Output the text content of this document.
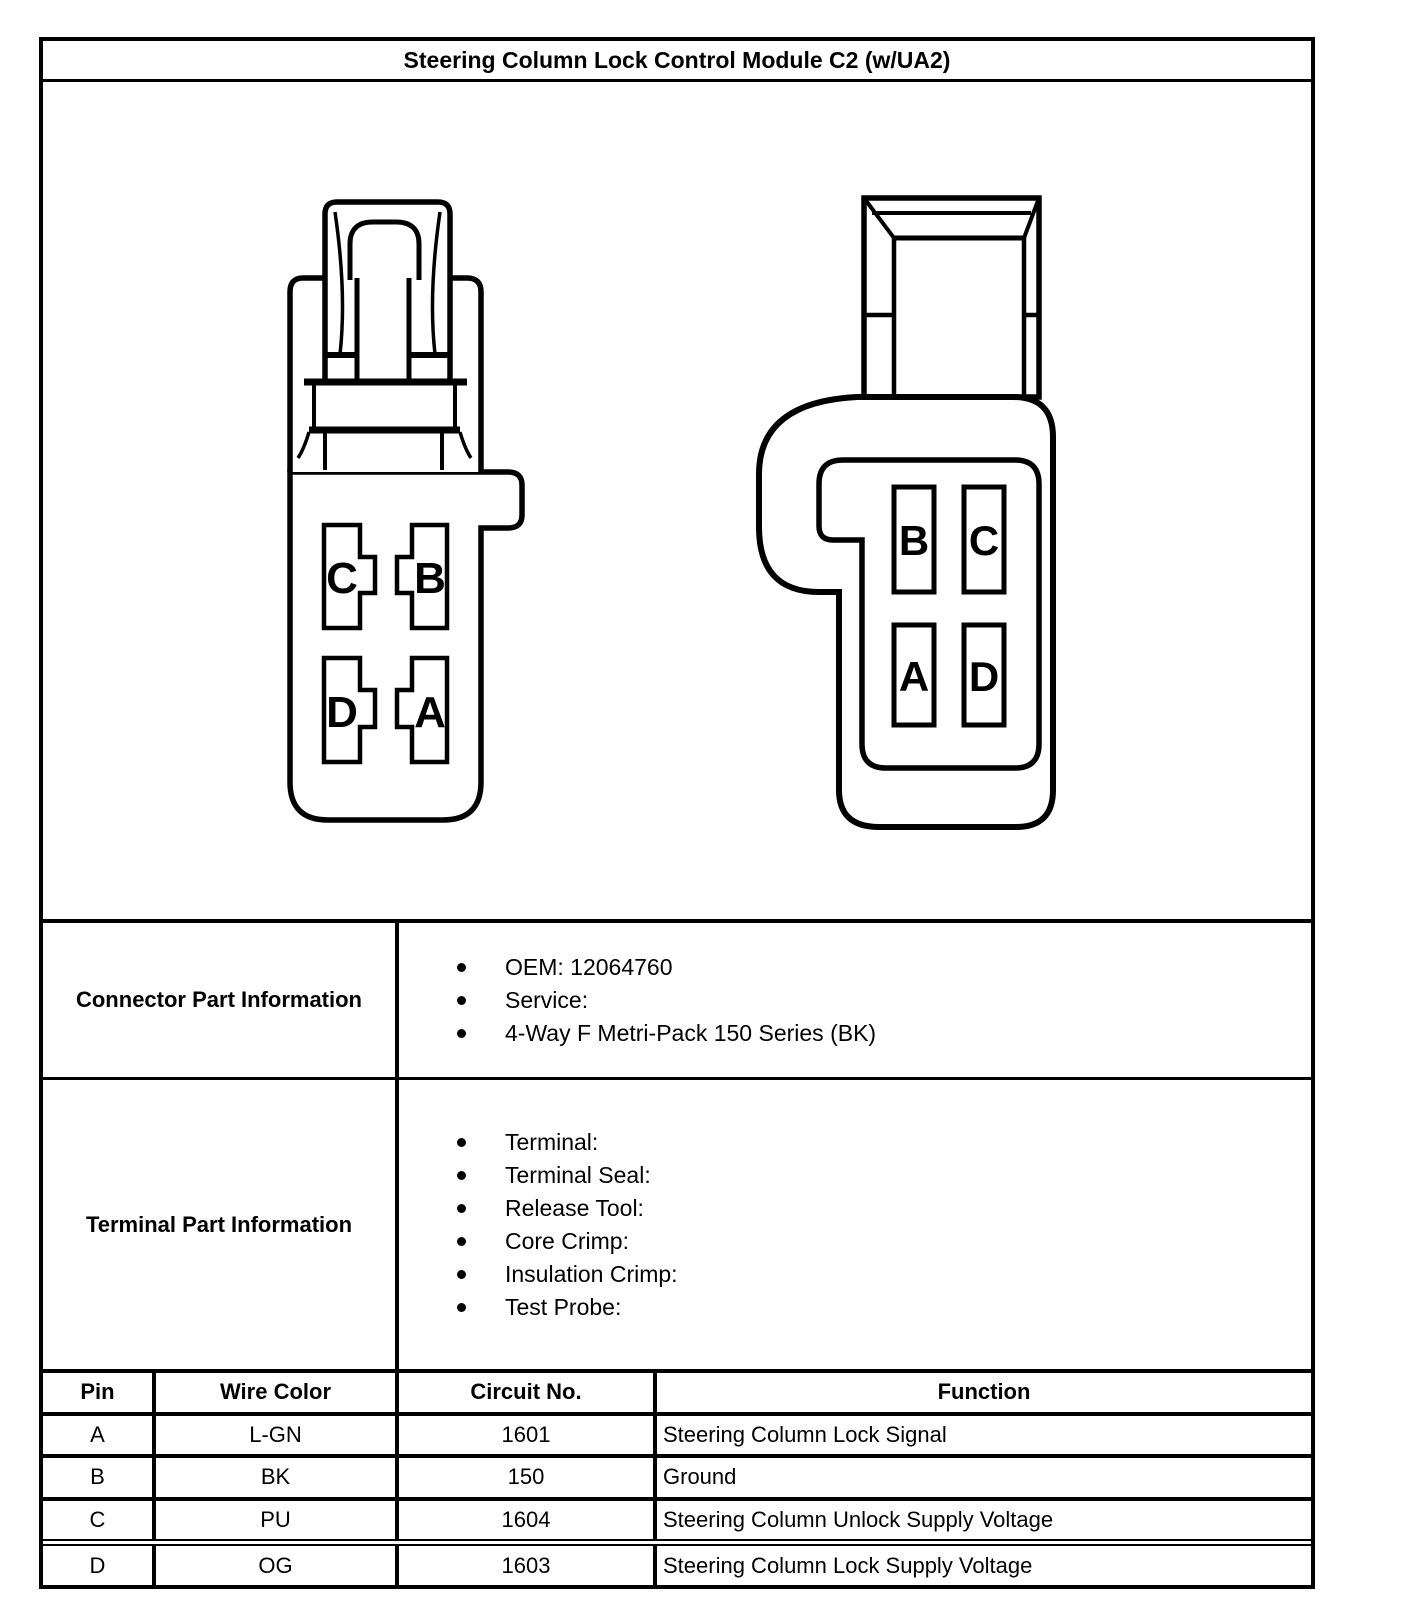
Steering Column Lock Control Module C2 (w/UA2)
C B
D A
B C
A D
Connector Part Information
OEM: 12064760
Service:
4-Way F Metri-Pack 150 Series (BK)
Terminal Part Information
Terminal:
Terminal Seal:
Release Tool:
Core Crimp:
Insulation Crimp:
Test Probe:
Pin	Wire Color	Circuit No.	Function
A	L-GN	1601	Steering Column Lock Signal
B	BK	150	Ground
C	PU	1604	Steering Column Unlock Supply Voltage
D	OG	1603	Steering Column Lock Supply Voltage
